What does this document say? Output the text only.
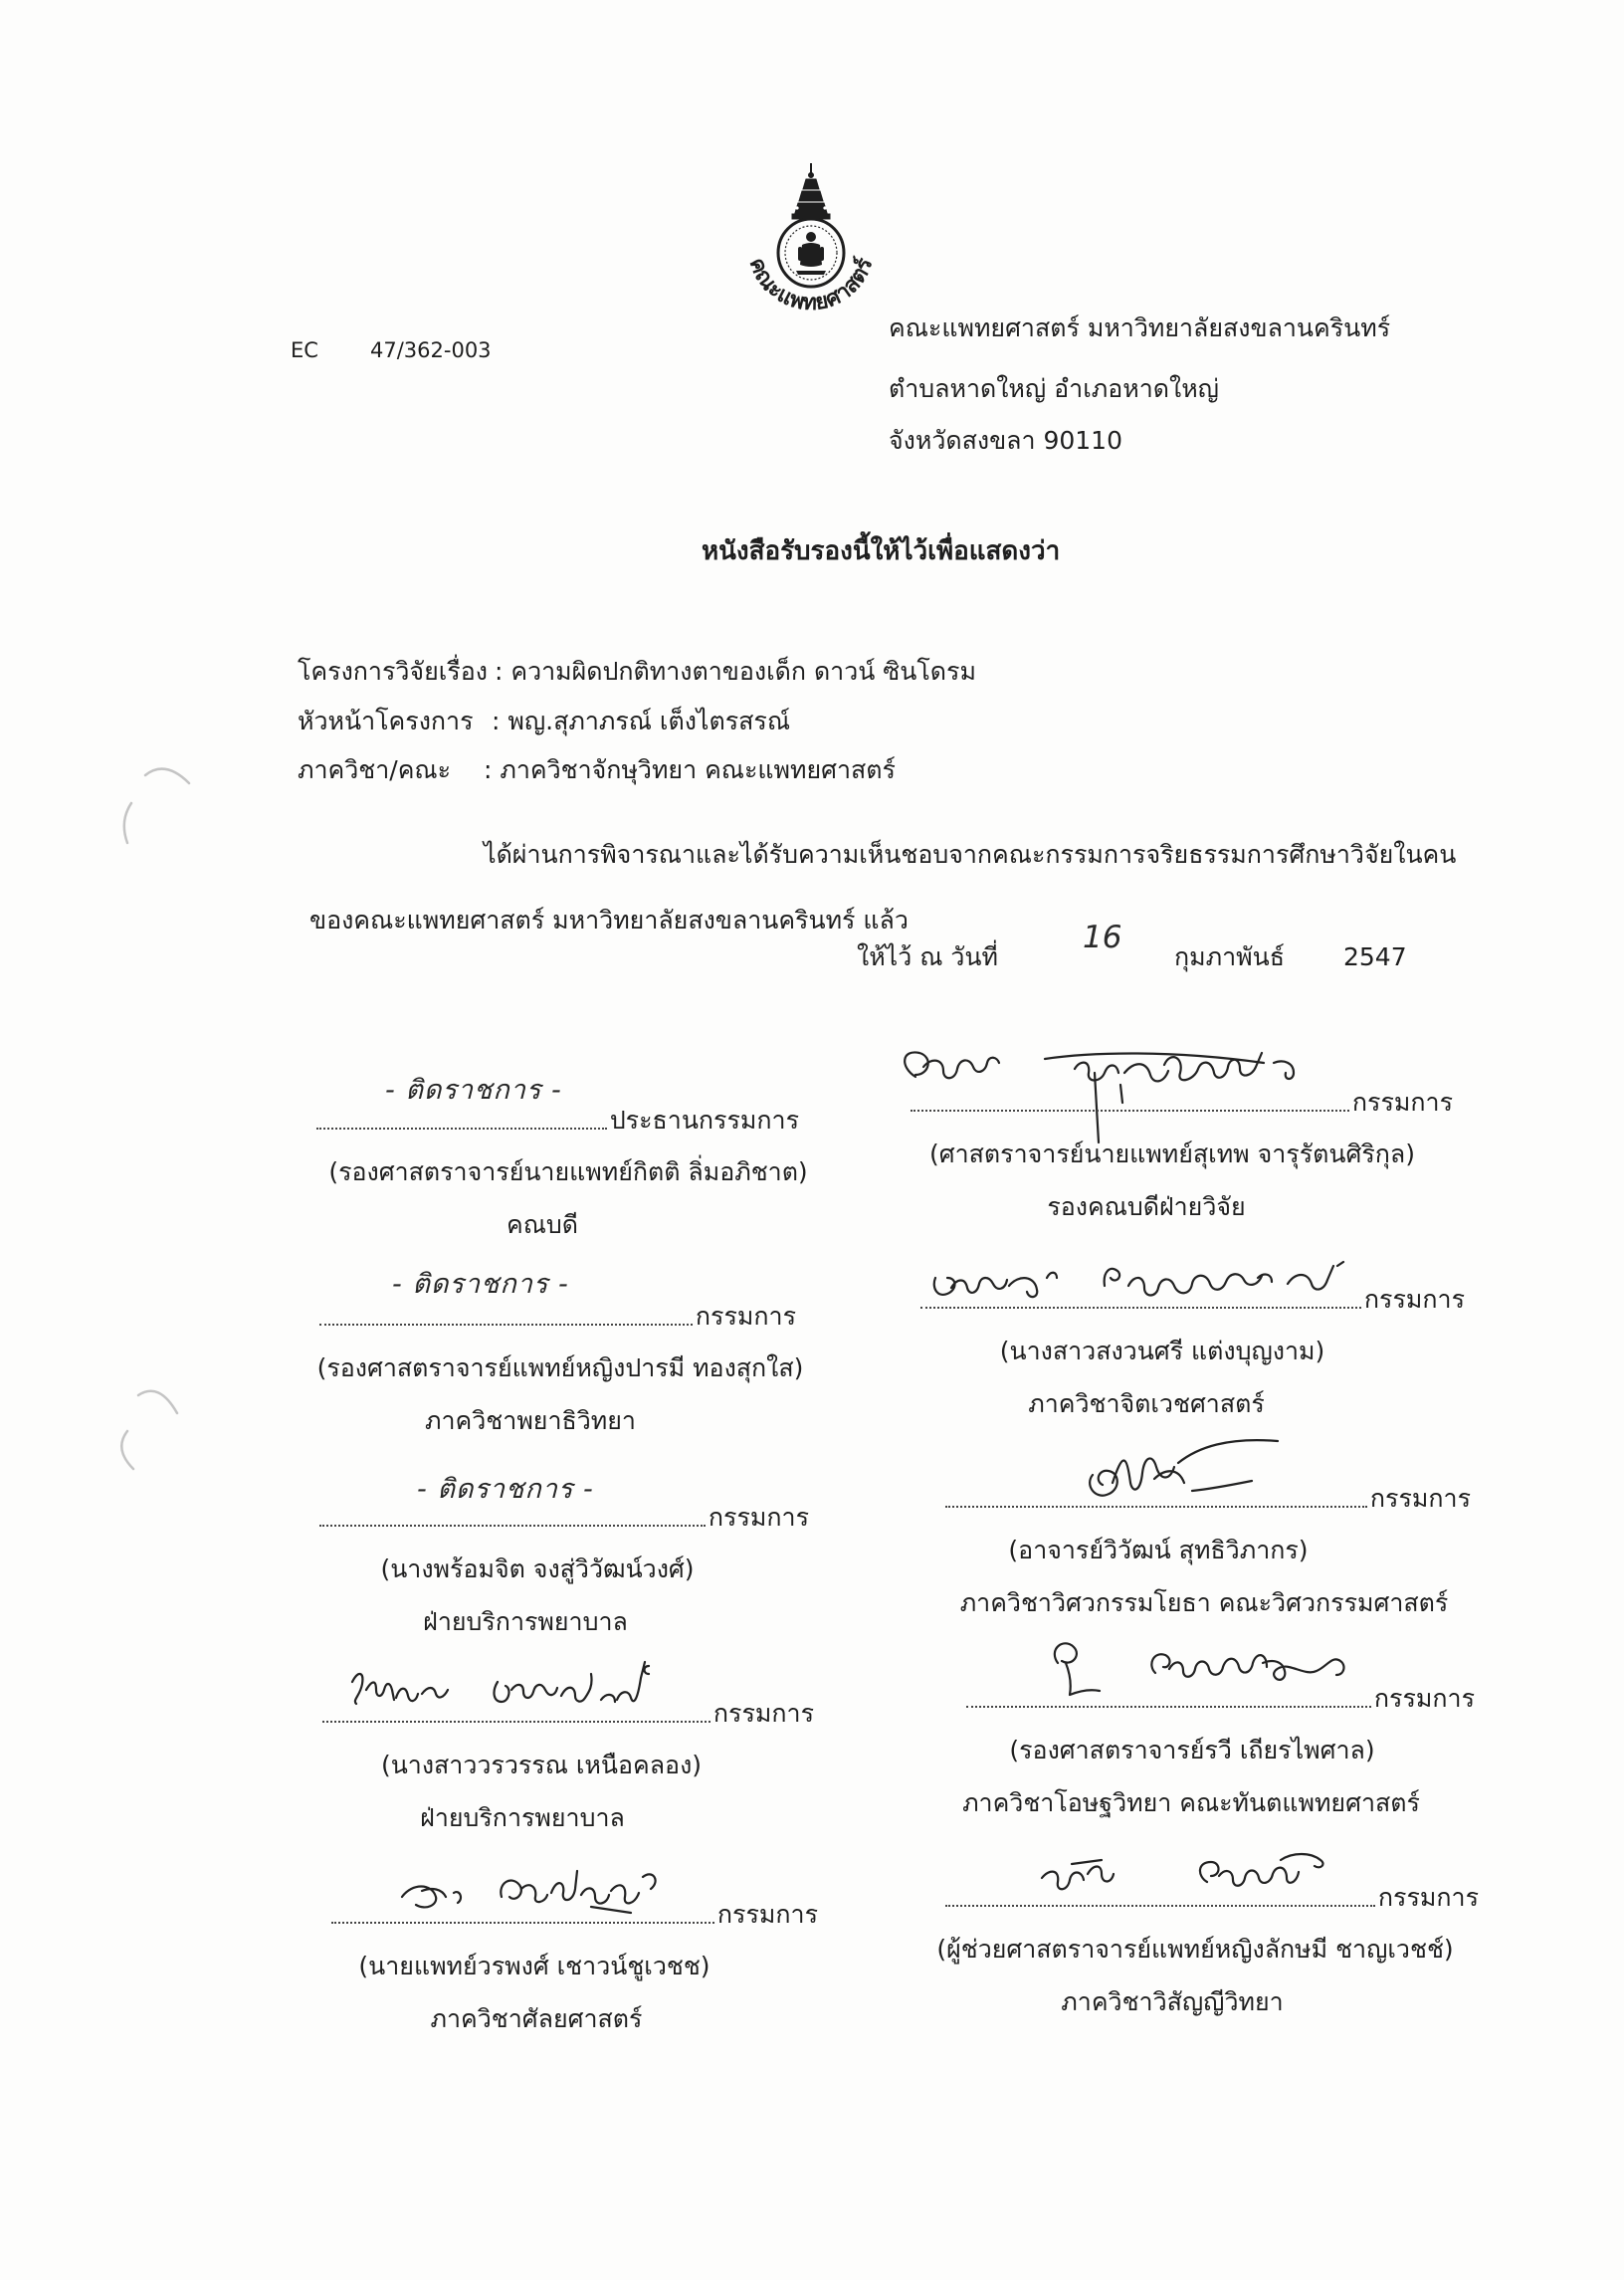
คณะแพทยศาสตร์
EC 47/362-003
คณะแพทยศาสตร์ มหาวิทยาลัยสงขลานครินทร์
ตำบลหาดใหญ่ อำเภอหาดใหญ่
จังหวัดสงขลา 90110
หนังสือรับรองนี้ให้ไว้เพื่อแสดงว่า
โครงการวิจัยเรื่อง : ความผิดปกติทางตาของเด็ก ดาวน์ ซินโดรม
หัวหน้าโครงการ : พญ.สุภาภรณ์ เต็งไตรสรณ์
ภาควิชา/คณะ : ภาควิชาจักษุวิทยา คณะแพทยศาสตร์
ได้ผ่านการพิจารณาและได้รับความเห็นชอบจากคณะกรรมการจริยธรรมการศึกษาวิจัยในคน
ของคณะแพทยศาสตร์ มหาวิทยาลัยสงขลานครินทร์ แล้ว
ให้ไว้ ณ วันที่
16
กุมภาพันธ์ 2547
- ติดราชการ -
ประธานกรรมการ
(รองศาสตราจารย์นายแพทย์กิตติ ลิ่มอภิชาต)
คณบดี
- ติดราชการ -
กรรมการ
(รองศาสตราจารย์แพทย์หญิงปารมี ทองสุกใส)
ภาควิชาพยาธิวิทยา
- ติดราชการ -
กรรมการ
(นางพร้อมจิต จงสู่วิวัฒน์วงศ์)
ฝ่ายบริการพยาบาล
กรรมการ
(นางสาววรวรรณ เหนือคลอง)
ฝ่ายบริการพยาบาล
กรรมการ
(นายแพทย์วรพงศ์ เชาวน์ชูเวชช)
ภาควิชาศัลยศาสตร์
กรรมการ
(ศาสตราจารย์นายแพทย์สุเทพ จารุรัตนศิริกุล)
รองคณบดีฝ่ายวิจัย
กรรมการ
(นางสาวสงวนศรี แต่งบุญงาม)
ภาควิชาจิตเวชศาสตร์
กรรมการ
(อาจารย์วิวัฒน์ สุทธิวิภากร)
ภาควิชาวิศวกรรมโยธา คณะวิศวกรรมศาสตร์
กรรมการ
(รองศาสตราจารย์รวี เถียรไพศาล)
ภาควิชาโอษฐวิทยา คณะทันตแพทยศาสตร์
กรรมการ
(ผู้ช่วยศาสตราจารย์แพทย์หญิงลักษมี ชาญเวชช์)
ภาควิชาวิสัญญีวิทยา
